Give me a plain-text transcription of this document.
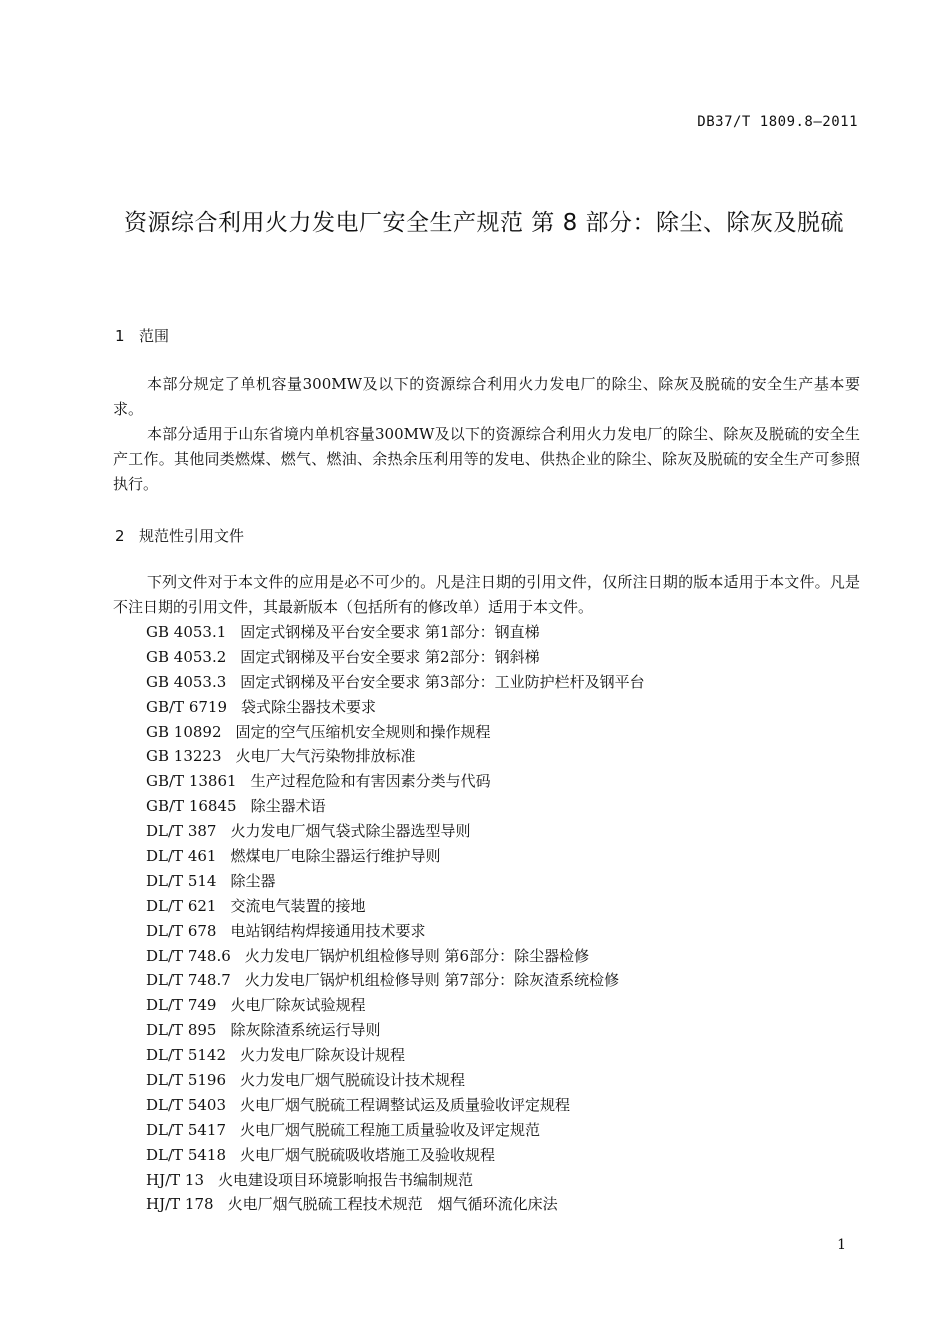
DB37/T 1809.8—2011
资源综合利用火力发电厂安全生产规范 第 8 部分：除尘、除灰及脱硫
1 范围

本部分规定了单机容量300MW及以下的资源综合利用火力发电厂的除尘、除灰及脱硫的安全生产基本要求。

本部分适用于山东省境内单机容量300MW及以下的资源综合利用火力发电厂的除尘、除灰及脱硫的安全生产工作。其他同类燃煤、燃气、燃油、余热余压利用等的发电、供热企业的除尘、除灰及脱硫的安全生产可参照执行。

2 规范性引用文件

下列文件对于本文件的应用是必不可少的。凡是注日期的引用文件，仅所注日期的版本适用于本文件。凡是不注日期的引用文件，其最新版本（包括所有的修改单）适用于本文件。

GB 4053.1 固定式钢梯及平台安全要求 第1部分：钢直梯
GB 4053.2 固定式钢梯及平台安全要求 第2部分：钢斜梯
GB 4053.3 固定式钢梯及平台安全要求 第3部分：工业防护栏杆及钢平台
GB/T 6719 袋式除尘器技术要求
GB 10892 固定的空气压缩机安全规则和操作规程
GB 13223 火电厂大气污染物排放标准
GB/T 13861 生产过程危险和有害因素分类与代码
GB/T 16845 除尘器术语
DL/T 387 火力发电厂烟气袋式除尘器选型导则
DL/T 461 燃煤电厂电除尘器运行维护导则
DL/T 514 除尘器
DL/T 621 交流电气装置的接地
DL/T 678 电站钢结构焊接通用技术要求
DL/T 748.6 火力发电厂锅炉机组检修导则 第6部分：除尘器检修
DL/T 748.7 火力发电厂锅炉机组检修导则 第7部分：除灰渣系统检修
DL/T 749 火电厂除灰试验规程
DL/T 895 除灰除渣系统运行导则
DL/T 5142 火力发电厂除灰设计规程
DL/T 5196 火力发电厂烟气脱硫设计技术规程
DL/T 5403 火电厂烟气脱硫工程调整试运及质量验收评定规程
DL/T 5417 火电厂烟气脱硫工程施工质量验收及评定规范
DL/T 5418 火电厂烟气脱硫吸收塔施工及验收规程
HJ/T 13 火电建设项目环境影响报告书编制规范
HJ/T 178 火电厂烟气脱硫工程技术规范　烟气循环流化床法
1
